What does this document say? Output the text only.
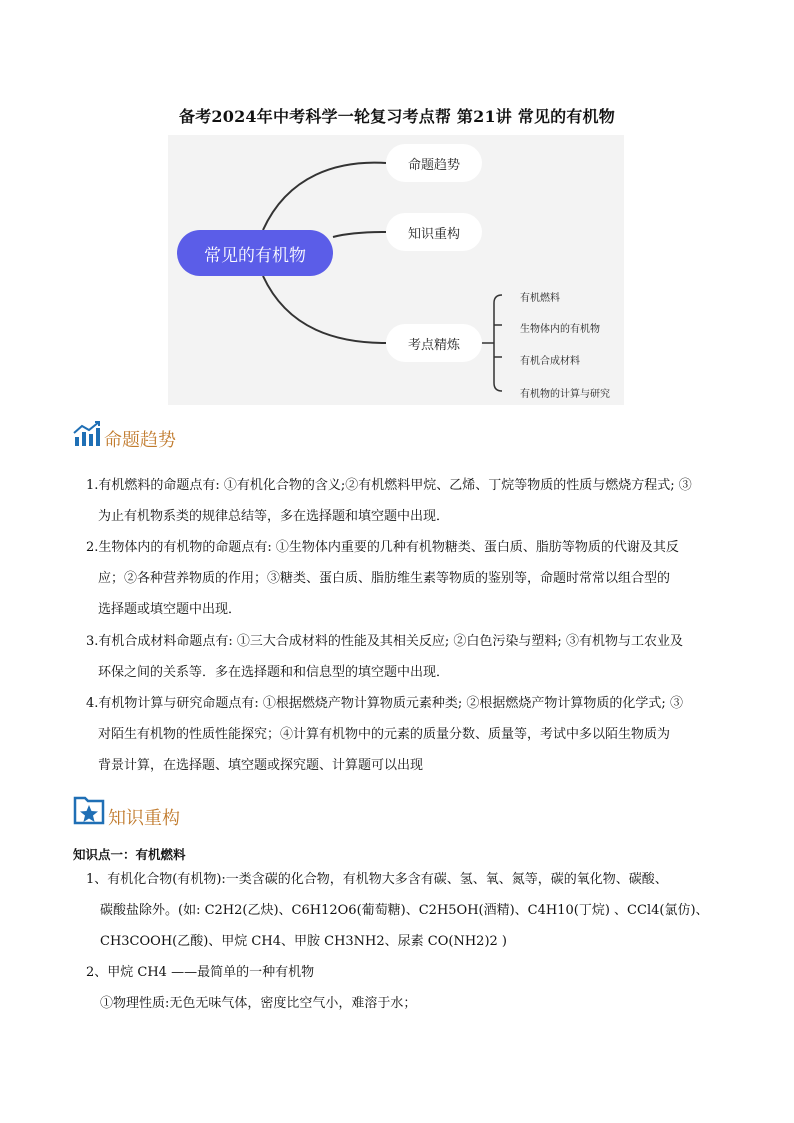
备考2024年中考科学一轮复习考点帮 第21讲 常见的有机物
常见的有机物
命题趋势
知识重构
考点精炼
有机燃料
生物体内的有机物
有机合成材料
有机物的计算与研究
命题趋势
1.有机燃料的命题点有: ①有机化合物的含义;②有机燃料甲烷、乙烯、丁烷等物质的性质与燃烧方程式; ③
为止有机物系类的规律总结等，多在选择题和填空题中出现．
2.生物体内的有机物的命题点有: ①生物体内重要的几种有机物糖类、蛋白质、脂肪等物质的代谢及其反
应；②各种营养物质的作用；③糖类、蛋白质、脂肪维生素等物质的鉴别等，命题时常常以组合型的
选择题或填空题中出现．
3.有机合成材料命题点有: ①三大合成材料的性能及其相关反应; ②白色污染与塑料; ③有机物与工农业及
环保之间的关系等．多在选择题和和信息型的填空题中出现．
4.有机物计算与研究命题点有: ①根据燃烧产物计算物质元素种类; ②根据燃烧产物计算物质的化学式; ③
对陌生有机物的性质性能探究；④计算有机物中的元素的质量分数、质量等，考试中多以陌生物质为
背景计算，在选择题、填空题或探究题、计算题可以出现
知识重构
知识点一：有机燃料
1、有机化合物(有机物):一类含碳的化合物，有机物大多含有碳、氢、氧、氮等，碳的氧化物、碳酸、
碳酸盐除外。(如: C2H2(乙炔)、C6H12O6(葡萄糖)、C2H5OH(酒精)、C4H10(丁烷) 、CCl4(氯仿)、
CH3COOH(乙酸)、甲烷 CH4、甲胺 CH3NH2、尿素 CO(NH2)2 )
2、甲烷 CH4 ——最简单的一种有机物
①物理性质:无色无味气体，密度比空气小，难溶于水；
